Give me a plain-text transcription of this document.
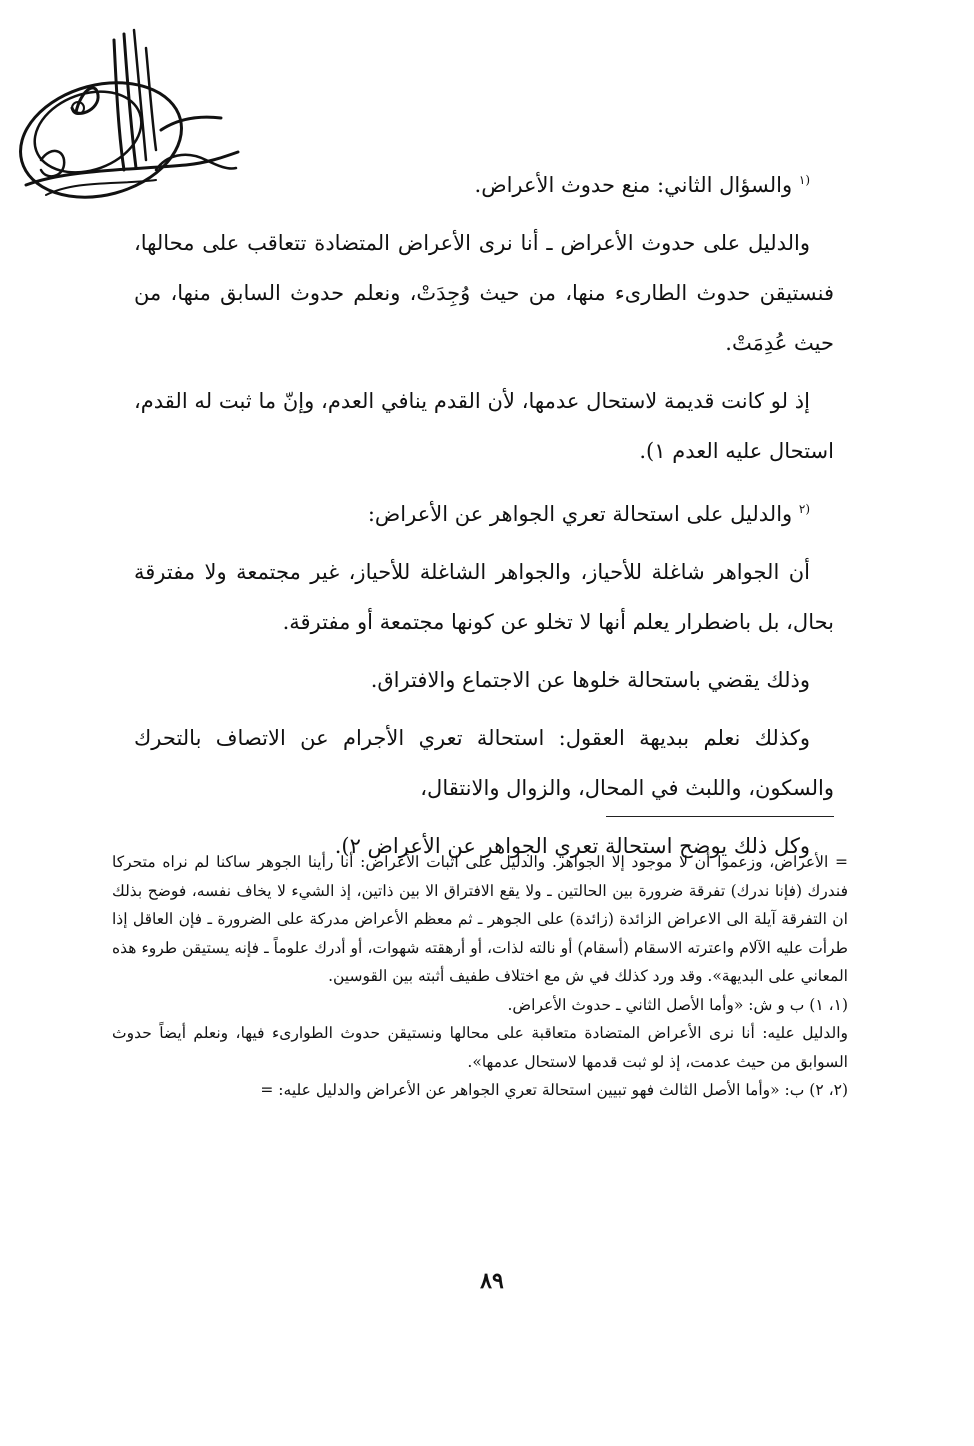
سيد محمد طويل العلوي	$^{(١}$ والسؤال الثاني: منع حدوث الأعراض.

والدليل على حدوث الأعراض ـ أنا نرى الأعراض المتضادة تتعاقب على محالها، فنستيقن حدوث الطارىء منها، من حيث وُجِدَتْ، ونعلم حدوث السابق منها، من حيث عُدِمَتْ.

إذ لو كانت قديمة لاستحال عدمها، لأن القدم ينافي العدم، وإنّ ما ثبت له القدم، استحال عليه العدم ١).

$^{(٢}$ والدليل على استحالة تعري الجواهر عن الأعراض:

أن الجواهر شاغلة للأحياز، والجواهر الشاغلة للأحياز، غير مجتمعة ولا مفترقة بحال، بل باضطرار يعلم أنها لا تخلو عن كونها مجتمعة أو مفترقة.

وذلك يقضي باستحالة خلوها عن الاجتماع والافتراق.

وكذلك نعلم ببديهة العقول: استحالة تعري الأجرام عن الاتصاف بالتحرك والسكون، واللبث في المحال، والزوال والانتقال،

وكل ذلك يوضح استحالة تعري الجواهر عن الأعراض ٢).

= الأعراض، وزعموا أن لا موجود إلا الجواهر. والدليل على اثبات الأعراض: أنا رأينا الجوهر ساكنا لم نراه متحركا فندرك (فإنا ندرك) تفرقة ضرورة بين الحالتين ـ ولا يقع الافتراق الا بين ذاتين، إذ الشيء لا يخاف نفسه، فوضح بذلك ان التفرقة آيلة الى الاعراض الزائدة (زائدة) على الجوهر ـ ثم معظم الأعراض مدركة على الضرورة ـ فإن العاقل إذا طرأت عليه الآلام واعترته الاسقام (أسقام) أو نالته لذات، أو أرهقته شهوات، أو أدرك علوماً ـ فإنه يستيقن طروء هذه المعاني على البديهة». وقد ورد كذلك في ش مع اختلاف طفيف أثبته بين القوسين.

(١، ١) ب و ش: «وأما الأصل الثاني ـ حدوث الأعراض.

والدليل عليه: أنا نرى الأعراض المتضادة متعاقبة على محالها ونستيقن حدوث الطوارىء فيها، ونعلم أيضاً حدوث السوابق من حيث عدمت، إذ لو ثبت قدمها لاستحال عدمها».

(٢، ٢) ب: «وأما الأصل الثالث فهو تبيين استحالة تعري الجواهر عن الأعراض والدليل عليه: =

٨٩
